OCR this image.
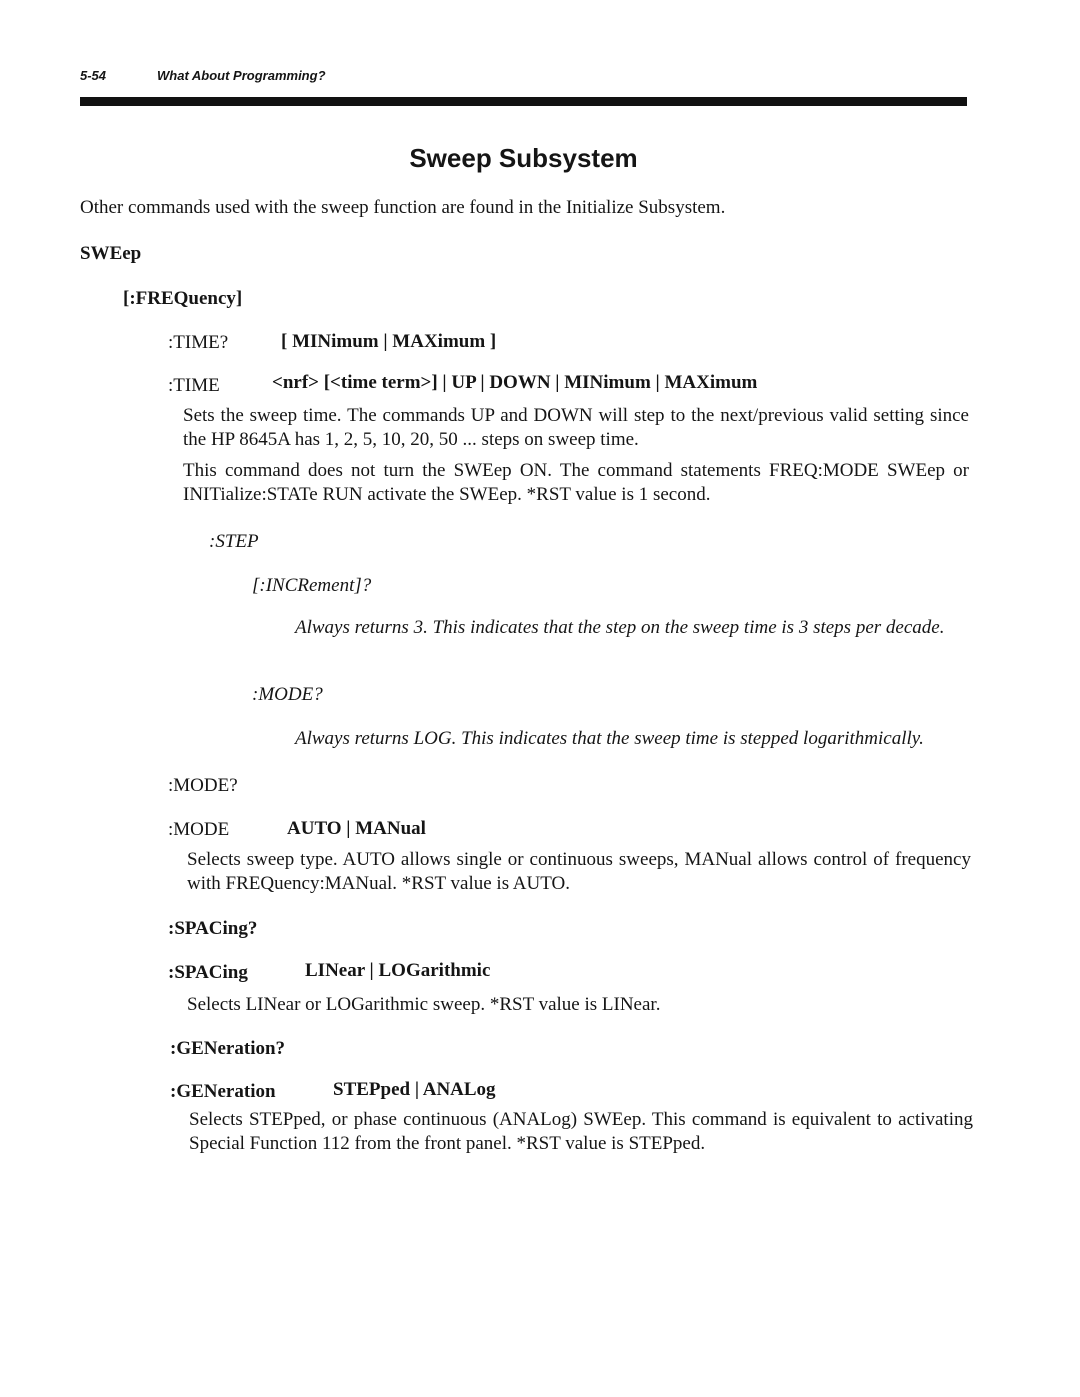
5-54	What About Programming?
Sweep Subsystem
Other commands used with the sweep function are found in the Initialize Subsystem.
SWEep
[:FREQuency]
:TIME?	[ MINimum | MAXimum ]
:TIME	<nrf> [<time term>] | UP | DOWN | MINimum | MAXimum
Sets the sweep time. The commands UP and DOWN will step to the next/previous valid setting since the HP 8645A has 1, 2, 5, 10, 20, 50 ... steps on sweep time.
This command does not turn the SWEep ON. The command statements FREQ:MODE SWEep or INITialize:STATe RUN activate the SWEep. *RST value is 1 second.
:STEP
[:INCRement]?
Always returns 3. This indicates that the step on the sweep time is 3 steps per decade.
:MODE?
Always returns LOG. This indicates that the sweep time is stepped logarithmically.
:MODE?
:MODE	AUTO | MANual
Selects sweep type. AUTO allows single or continuous sweeps, MANual allows control of frequency with FREQuency:MANual. *RST value is AUTO.
:SPACing?
:SPACing	LINear | LOGarithmic
Selects LINear or LOGarithmic sweep. *RST value is LINear.
:GENeration?
:GENeration	STEPped | ANALog
Selects STEPped, or phase continuous (ANALog) SWEep. This command is equivalent to activating Special Function 112 from the front panel. *RST value is STEPped.
